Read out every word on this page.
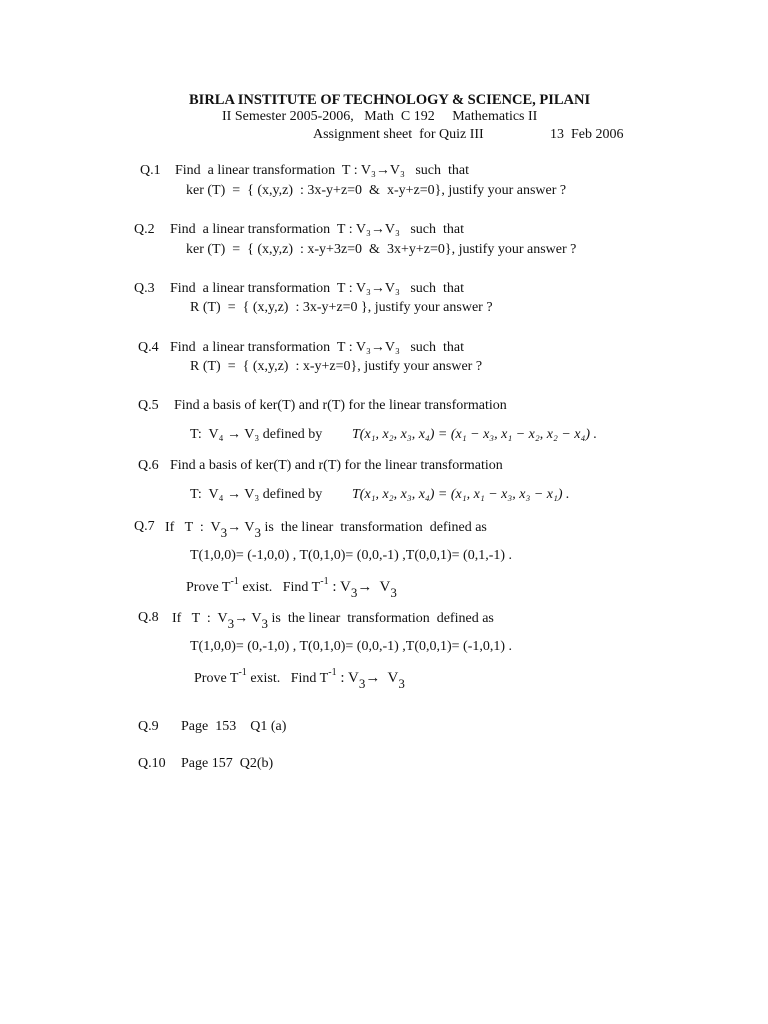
BIRLA INSTITUTE OF TECHNOLOGY & SCIENCE, PILANI
II Semester 2005-2006,   Math  C 192     Mathematics II
Assignment sheet  for Quiz III	13  Feb 2006
Q.1 Find  a linear transformation  T : V₃→V₃   such  that
ker (T)  =  { (x,y,z)  : 3x-y+z=0  &  x-y+z=0}, justify your answer ?
Q.2 Find  a linear transformation  T : V₃→V₃   such  that
ker (T)  =  { (x,y,z)  : x-y+3z=0  &  3x+y+z=0}, justify your answer ?
Q.3 Find  a linear transformation  T : V₃→V₃   such  that
R (T)  =  { (x,y,z)  : 3x-y+z=0 }, justify your answer ?
Q.4 Find  a linear transformation  T : V₃→V₃   such  that
R (T)  =  { (x,y,z)  : x-y+z=0}, justify your answer ?
Q.5 Find a basis of ker(T) and r(T) for the linear transformation
T:  V₄ → V₃ defined by T(x₁, x₂, x₃, x₄) = (x₁ − x₃, x₁ − x₂, x₂ − x₄) .
Q.6 Find a basis of ker(T) and r(T) for the linear transformation
T:  V₄ → V₃ defined by T(x₁, x₂, x₃, x₄) = (x₁, x₁ − x₃, x₃ − x₁) .
Q.7 If   T  :  V3→ V3 is  the linear  transformation  defined as
T(1,0,0)= (-1,0,0) , T(0,1,0)= (0,0,-1) ,T(0,0,1)= (0,1,-1) .
Prove $T^{-1}$ exist.   Find $T^{-1}$ : V3→  V3
Q.8 If   T  :  V3→ V3 is  the linear  transformation  defined as
T(1,0,0)= (0,-1,0) , T(0,1,0)= (0,0,-1) ,T(0,0,1)= (-1,0,1) .
Prove $T^{-1}$ exist.   Find $T^{-1}$ : V3→  V3
Q.9 Page  153    Q1 (a)
Q.10 Page 157  Q2(b)
